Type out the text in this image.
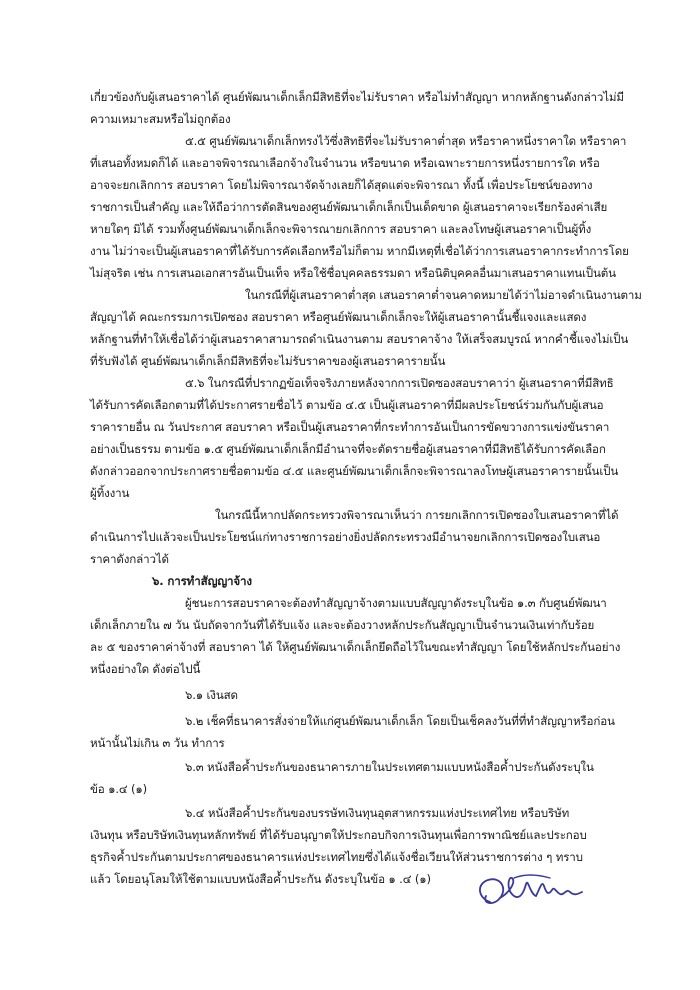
เกี่ยวข้องกับผู้เสนอราคาได้ ศูนย์พัฒนาเด็กเล็กมีสิทธิที่จะไม่รับราคา หรือไม่ทำสัญญา หากหลักฐานดังกล่าวไม่มี
ความเหมาะสมหรือไม่ถูกต้อง
๕.๕ ศูนย์พัฒนาเด็กเล็กทรงไว้ซึ่งสิทธิที่จะไม่รับราคาต่ำสุด หรือราคาหนึ่งราคาใด หรือราคา
ที่เสนอทั้งหมดก็ได้ และอาจพิจารณาเลือกจ้างในจำนวน หรือขนาด หรือเฉพาะรายการหนึ่งรายการใด หรือ
อาจจะยกเลิกการ สอบราคา โดยไม่พิจารณาจัดจ้างเลยก็ได้สุดแต่จะพิจารณา ทั้งนี้ เพื่อประโยชน์ของทาง
ราชการเป็นสำคัญ และให้ถือว่าการตัดสินของศูนย์พัฒนาเด็กเล็กเป็นเด็ดขาด ผู้เสนอราคาจะเรียกร้องค่าเสีย
หายใดๆ มิได้ รวมทั้งศูนย์พัฒนาเด็กเล็กจะพิจารณายกเลิกการ สอบราคา และลงโทษผู้เสนอราคาเป็นผู้ทิ้ง
งาน ไม่ว่าจะเป็นผู้เสนอราคาที่ได้รับการคัดเลือกหรือไม่ก็ตาม หากมีเหตุที่เชื่อได้ว่าการเสนอราคากระทำการโดย
ไม่สุจริต เช่น การเสนอเอกสารอันเป็นเท็จ หรือใช้ชื่อบุคคลธรรมดา หรือนิติบุคคลอื่นมาเสนอราคาแทนเป็นต้น
ในกรณีที่ผู้เสนอราคาต่ำสุด เสนอราคาต่ำจนคาดหมายได้ว่าไม่อาจดำเนินงานตาม
สัญญาได้ คณะกรรมการเปิดซอง สอบราคา หรือศูนย์พัฒนาเด็กเล็กจะให้ผู้เสนอราคานั้นชี้แจงและแสดง
หลักฐานที่ทำให้เชื่อได้ว่าผู้เสนอราคาสามารถดำเนินงานตาม สอบราคาจ้าง ให้เสร็จสมบูรณ์ หากคำชี้แจงไม่เป็น
ที่รับฟังได้ ศูนย์พัฒนาเด็กเล็กมีสิทธิที่จะไม่รับราคาของผู้เสนอราคารายนั้น
๕.๖ ในกรณีที่ปรากฏข้อเท็จจริงภายหลังจากการเปิดซองสอบราคาว่า ผู้เสนอราคาที่มีสิทธิ
ได้รับการคัดเลือกตามที่ได้ประกาศรายชื่อไว้ ตามข้อ ๔.๕ เป็นผู้เสนอราคาที่มีผลประโยชน์ร่วมกันกับผู้เสนอ
ราคารายอื่น ณ วันประกาศ สอบราคา หรือเป็นผู้เสนอราคาที่กระทำการอันเป็นการขัดขวางการแข่งขันราคา
อย่างเป็นธรรม ตามข้อ ๑.๕ ศูนย์พัฒนาเด็กเล็กมีอำนาจที่จะตัดรายชื่อผู้เสนอราคาที่มีสิทธิได้รับการคัดเลือก
ดังกล่าวออกจากประกาศรายชื่อตามข้อ ๔.๕ และศูนย์พัฒนาเด็กเล็กจะพิจารณาลงโทษผู้เสนอราคารายนั้นเป็น
ผู้ทิ้งงาน
ในกรณีนี้หากปลัดกระทรวงพิจารณาเห็นว่า การยกเลิกการเปิดซองใบเสนอราคาที่ได้
ดำเนินการไปแล้วจะเป็นประโยชน์แก่ทางราชการอย่างยิ่งปลัดกระทรวงมีอำนาจยกเลิกการเปิดซองใบเสนอ
ราคาดังกล่าวได้
๖. การทำสัญญาจ้าง
ผู้ชนะการสอบราคาจะต้องทำสัญญาจ้างตามแบบสัญญาดังระบุในข้อ ๑.๓ กับศูนย์พัฒนา
เด็กเล็กภายใน ๗ วัน นับถัดจากวันที่ได้รับแจ้ง และจะต้องวางหลักประกันสัญญาเป็นจำนวนเงินเท่ากับร้อย
ละ ๕ ของราคาค่าจ้างที่ สอบราคา ได้ ให้ศูนย์พัฒนาเด็กเล็กยึดถือไว้ในขณะทำสัญญา โดยใช้หลักประกันอย่าง
หนึ่งอย่างใด ดังต่อไปนี้
๖.๑ เงินสด
๖.๒ เช็คที่ธนาคารสั่งจ่ายให้แก่ศูนย์พัฒนาเด็กเล็ก โดยเป็นเช็คลงวันที่ที่ทำสัญญาหรือก่อน
หน้านั้นไม่เกิน ๓ วัน ทำการ
๖.๓ หนังสือค้ำประกันของธนาคารภายในประเทศตามแบบหนังสือค้ำประกันดังระบุใน
ข้อ ๑.๔ (๑)
๖.๔ หนังสือค้ำประกันของบรรษัทเงินทุนอุตสาหกรรมแห่งประเทศไทย หรือบริษัท
เงินทุน หรือบริษัทเงินทุนหลักทรัพย์ ที่ได้รับอนุญาตให้ประกอบกิจการเงินทุนเพื่อการพาณิชย์และประกอบ
ธุรกิจค้ำประกันตามประกาศของธนาคารแห่งประเทศไทยซึ่งได้แจ้งชื่อเวียนให้ส่วนราชการต่าง ๆ ทราบ
แล้ว โดยอนุโลมให้ใช้ตามแบบหนังสือค้ำประกัน ดังระบุในข้อ ๑ .๔ (๑)
